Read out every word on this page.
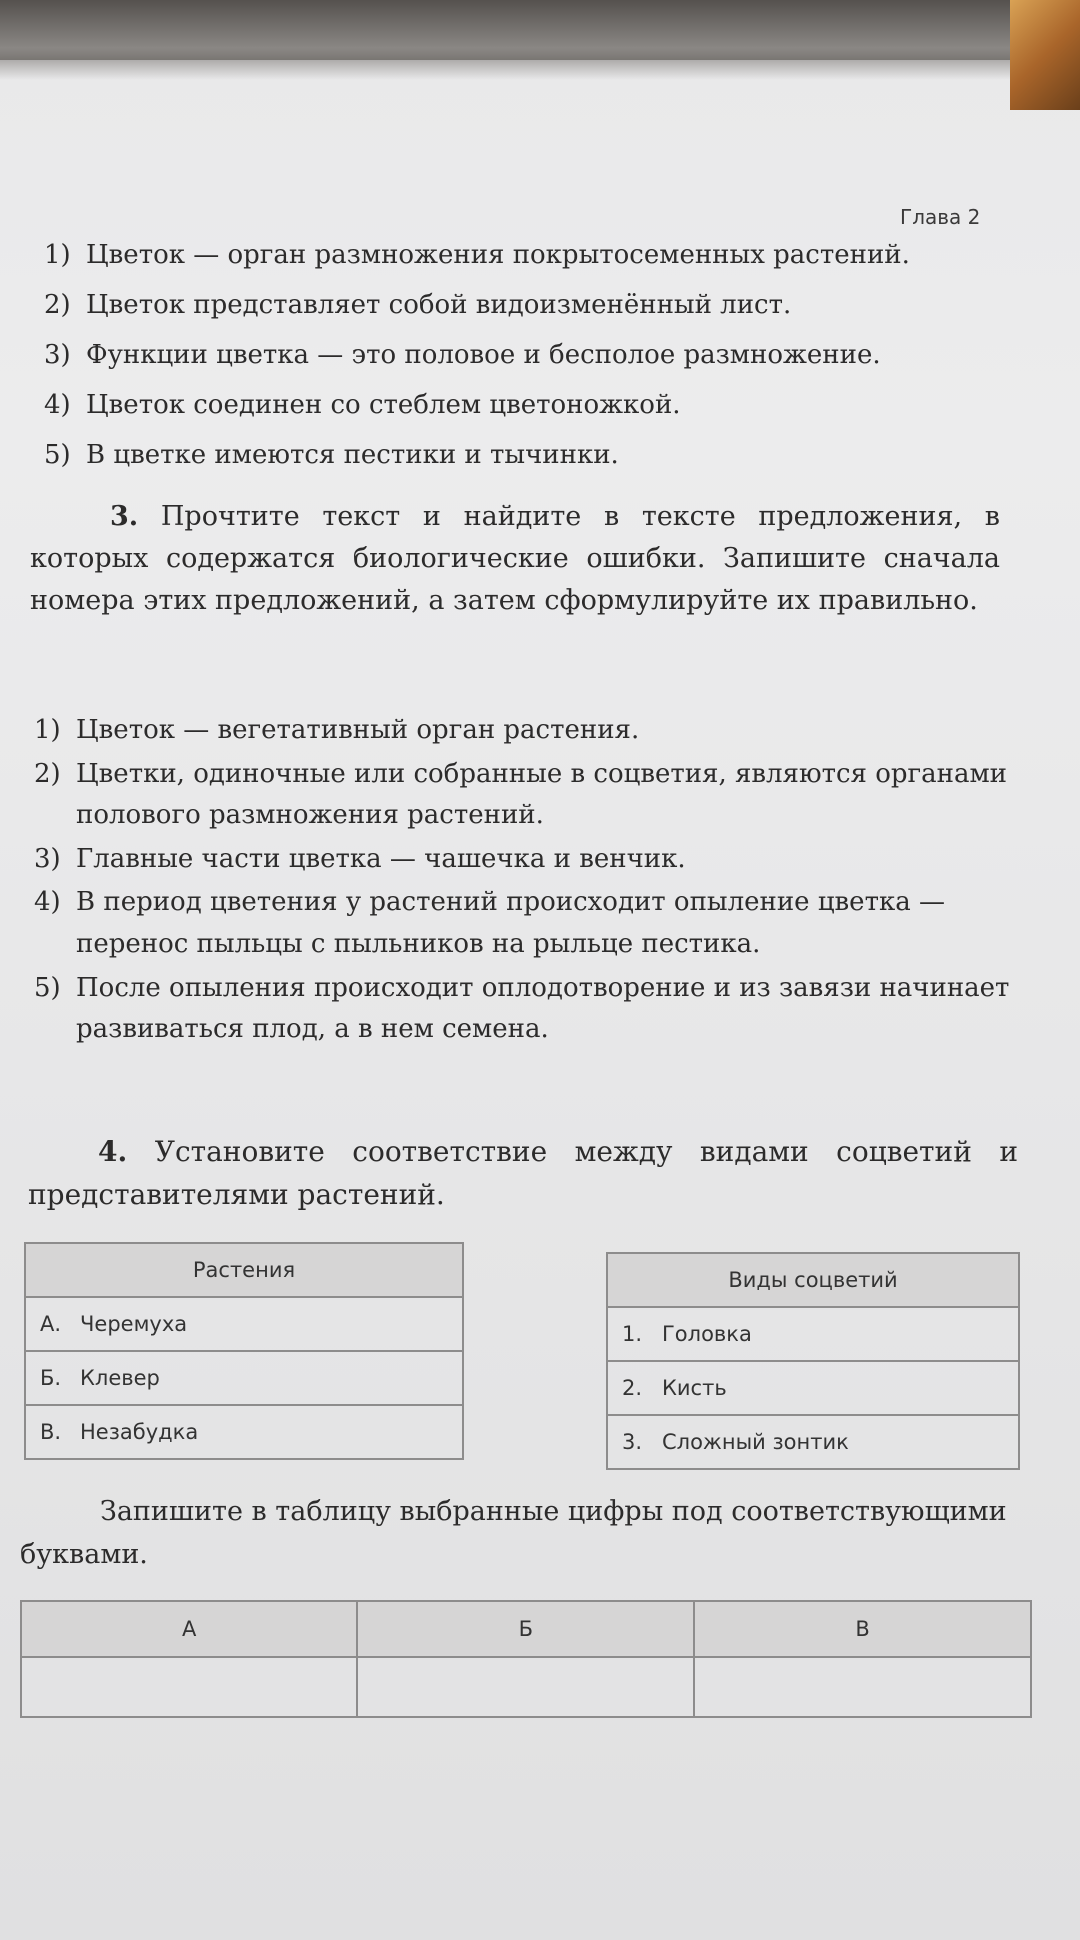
Глава 2
1) Цветок — орган размножения покрытосеменных растений.
2) Цветок представляет собой видоизменённый лист.
3) Функции цветка — это половое и бесполое размножение.
4) Цветок соединен со стеблем цветоножкой.
5) В цветке имеются пестики и тычинки.
3. Прочтите текст и найдите в тексте предложения, в которых содержатся биологические ошибки. Запишите сначала номера этих предложений, а затем сформулируйте их правильно.
1) Цветок — вегетативный орган растения.
2) Цветки, одиночные или собранные в соцветия, являются органами полового размножения растений.
3) Главные части цветка — чашечка и венчик.
4) В период цветения у растений происходит опыление цветка — перенос пыльцы с пыльников на рыльце пестика.
5) После опыления происходит оплодотворение и из завязи начинает развиваться плод, а в нем семена.
4. Установите соответствие между видами соцветий и представителями растений.
Растения
А. Черемуха
Б. Клевер
В. Незабудка
Виды соцветий
1. Головка
2. Кисть
3. Сложный зонтик
Запишите в таблицу выбранные цифры под соответствующими буквами.
А	Б	В
